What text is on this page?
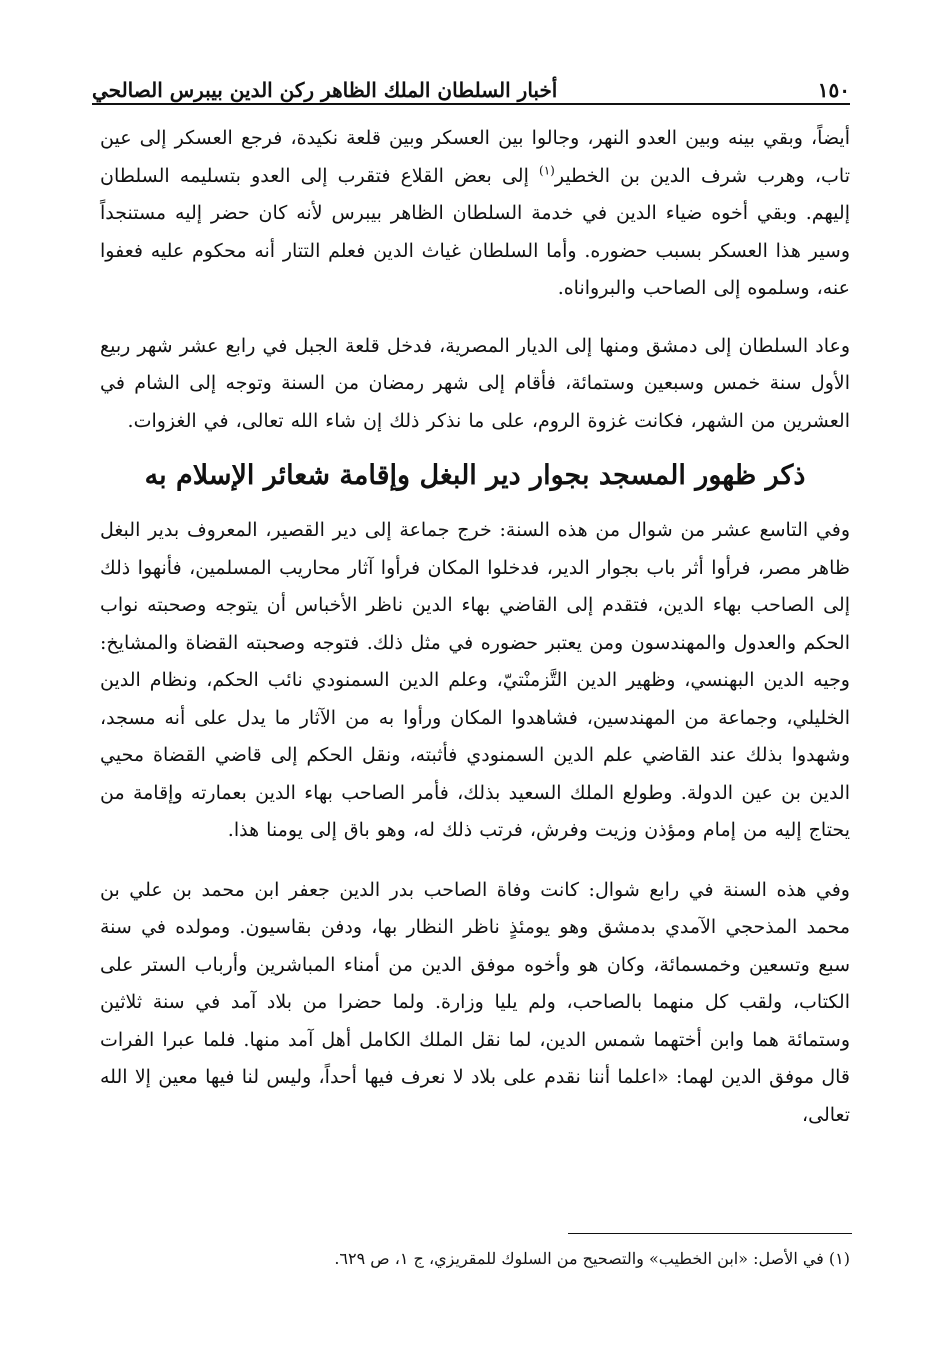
١٥٠
أخبار السلطان الملك الظاهر ركن الدين بيبرس الصالحي

أيضاً، وبقي بينه وبين العدو النهر، وجالوا بين العسكر وبين قلعة نكيدة، فرجع العسكر إلى عين تاب، وهرب شرف الدين بن الخطير$^{(١)}$ إلى بعض القلاع فتقرب إلى العدو بتسليمه السلطان إليهم. وبقي أخوه ضياء الدين في خدمة السلطان الظاهر بيبرس لأنه كان حضر إليه مستنجداً وسير هذا العسكر بسبب حضوره. وأما السلطان غياث الدين فعلم التتار أنه محكوم عليه فعفوا عنه، وسلموه إلى الصاحب والبرواناه.

وعاد السلطان إلى دمشق ومنها إلى الديار المصرية، فدخل قلعة الجبل في رابع عشر شهر ربيع الأول سنة خمس وسبعين وستمائة، فأقام إلى شهر رمضان من السنة وتوجه إلى الشام في العشرين من الشهر، فكانت غزوة الروم، على ما نذكر ذلك إن شاء الله تعالى، في الغزوات.

ذكر ظهور المسجد بجوار دير البغل وإقامة شعائر الإسلام به

وفي التاسع عشر من شوال من هذه السنة: خرج جماعة إلى دير القصير، المعروف بدير البغل ظاهر مصر، فرأوا أثر باب بجوار الدير، فدخلوا المكان فرأوا آثار محاريب المسلمين، فأنهوا ذلك إلى الصاحب بهاء الدين، فتقدم إلى القاضي بهاء الدين ناظر الأخباس أن يتوجه وصحبته نواب الحكم والعدول والمهندسون ومن يعتبر حضوره في مثل ذلك. فتوجه وصحبته القضاة والمشايخ: وجيه الدين البهنسي، وظهير الدين التَّزمنْتيّ، وعلم الدين السمنودي نائب الحكم، ونظام الدين الخليلي، وجماعة من المهندسين، فشاهدوا المكان ورأوا به من الآثار ما يدل على أنه مسجد، وشهدوا بذلك عند القاضي علم الدين السمنودي فأثبته، ونقل الحكم إلى قاضي القضاة محيي الدين بن عين الدولة. وطولع الملك السعيد بذلك، فأمر الصاحب بهاء الدين بعمارته وإقامة من يحتاج إليه من إمام ومؤذن وزيت وفرش، فرتب ذلك له، وهو باق إلى يومنا هذا.

وفي هذه السنة في رابع شوال: كانت وفاة الصاحب بدر الدين جعفر ابن محمد بن علي بن محمد المذحجي الآمدي بدمشق وهو يومئذٍ ناظر النظار بها، ودفن بقاسيون. ومولده في سنة سبع وتسعين وخمسمائة، وكان هو وأخوه موفق الدين من أمناء المباشرين وأرباب الستر على الكتاب، ولقب كل منهما بالصاحب، ولم يليا وزارة. ولما حضرا من بلاد آمد في سنة ثلاثين وستمائة هما وابن أختهما شمس الدين، لما نقل الملك الكامل أهل آمد منها. فلما عبرا الفرات قال موفق الدين لهما: «اعلما أننا نقدم على بلاد لا نعرف فيها أحداً، وليس لنا فيها معين إلا الله تعالى،

(١) في الأصل: «ابن الخطيب» والتصحيح من السلوك للمقريزي، ج ١، ص ٦٢٩.
